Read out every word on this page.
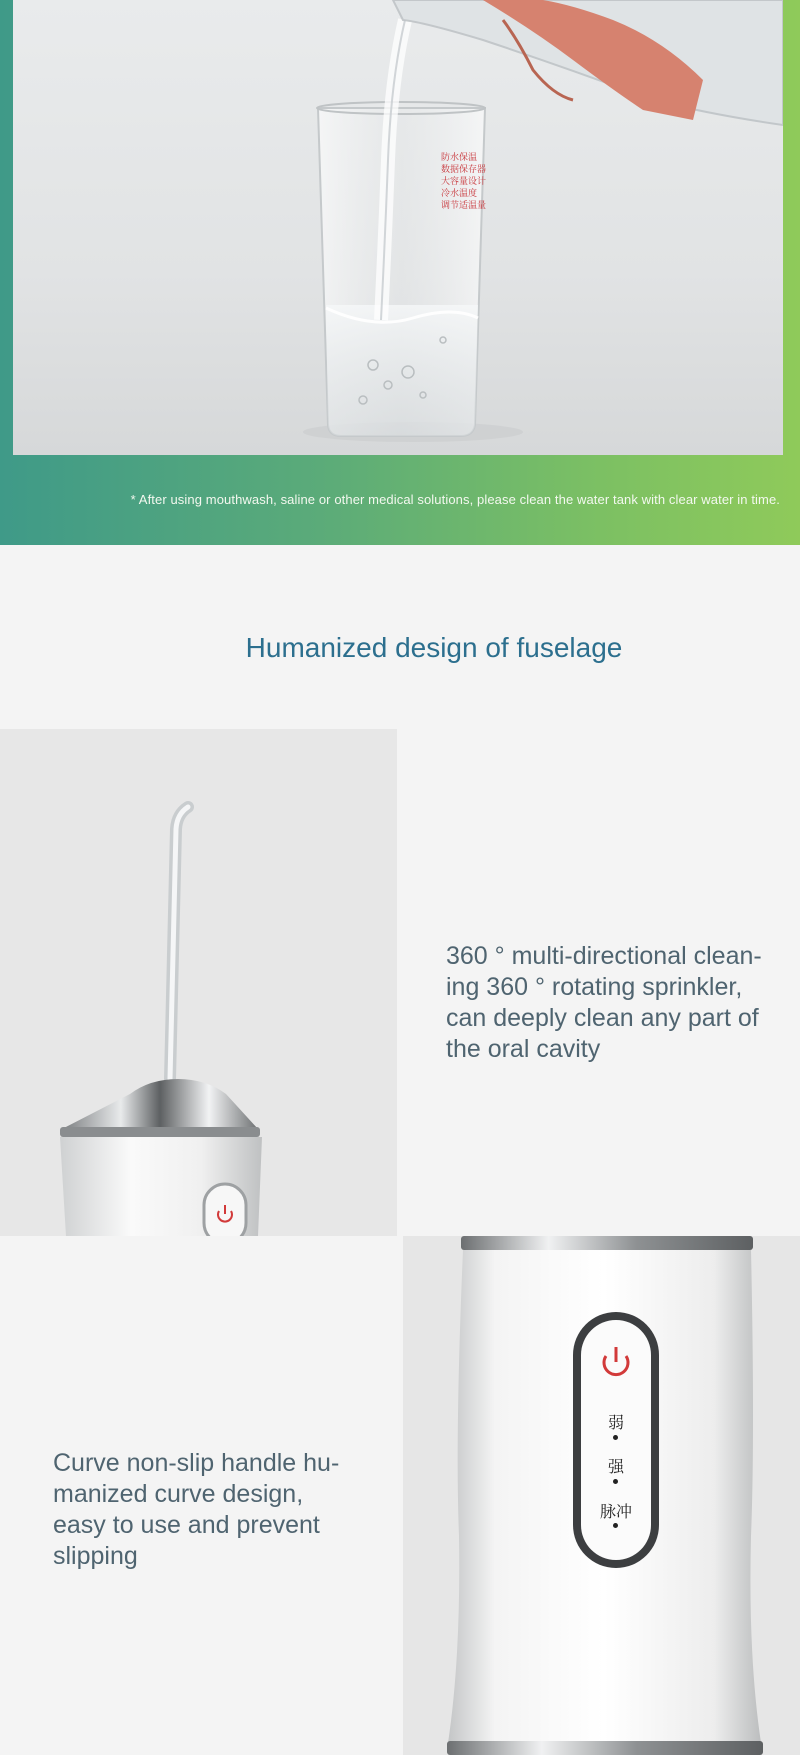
防水保温
数据保存器
大容量设计
冷水温度
调节适温量
* After using mouthwash, saline or other medical solutions, please clean the water tank with clear water in time.
Humanized design of fuselage
360 ° multi-directional clean-ing 360 ° rotating sprinkler, can deeply clean any part of the oral cavity
Curve non-slip handle hu-manized curve design, easy to use and prevent slipping
弱
强
脉冲
